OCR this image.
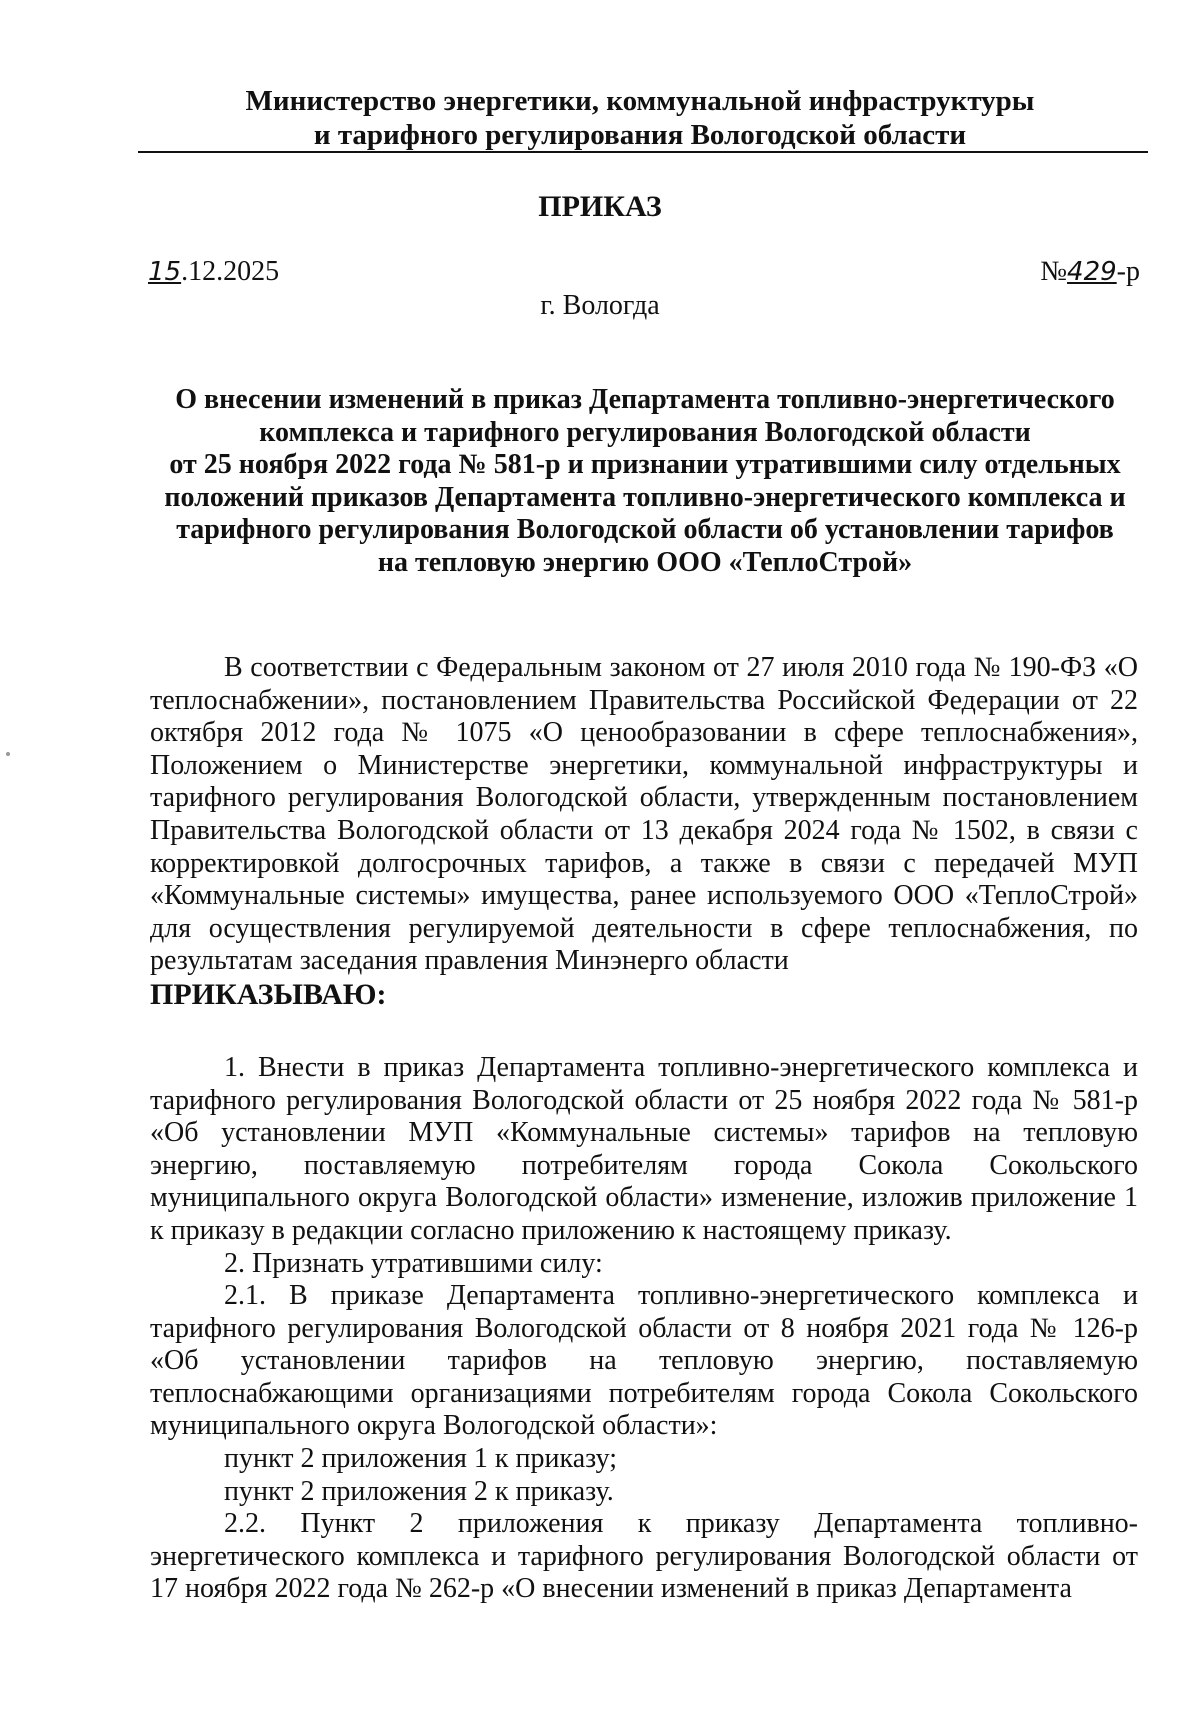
Министерство энергетики, коммунальной инфраструктуры
и тарифного регулирования Вологодской области
ПРИКАЗ
15.12.2025	№429-р
г. Вологда
О внесении изменений в приказ Департамента топливно-энергетического
комплекса и тарифного регулирования Вологодской области
от 25 ноября 2022 года № 581-р и признании утратившими силу отдельных
положений приказов Департамента топливно-энергетического комплекса и
тарифного регулирования Вологодской области об установлении тарифов
на тепловую энергию ООО «ТеплоСтрой»

В соответствии с Федеральным законом от 27 июля 2010 года № 190-ФЗ «О теплоснабжении», постановлением Правительства Российской Федерации от 22 октября 2012 года № 1075 «О ценообразовании в сфере теплоснабжения», Положением о Министерстве энергетики, коммунальной инфраструктуры и тарифного регулирования Вологодской области, утвержденным постановлением Правительства Вологодской области от 13 декабря 2024 года № 1502, в связи с корректировкой долгосрочных тарифов, а также в связи с передачей МУП «Коммунальные системы» имущества, ранее используемого ООО «ТеплоСтрой» для осуществления регулируемой деятельности в сфере теплоснабжения, по результатам заседания правления Минэнерго области

ПРИКАЗЫВАЮ:

1. Внести в приказ Департамента топливно-энергетического комплекса и тарифного регулирования Вологодской области от 25 ноября 2022 года № 581-р «Об установлении МУП «Коммунальные системы» тарифов на тепловую энергию, поставляемую потребителям города Сокола Сокольского муниципального округа Вологодской области» изменение, изложив приложение 1 к приказу в редакции согласно приложению к настоящему приказу.

2. Признать утратившими силу:

2.1. В приказе Департамента топливно-энергетического комплекса и тарифного регулирования Вологодской области от 8 ноября 2021 года № 126-р «Об установлении тарифов на тепловую энергию, поставляемую теплоснабжающими организациями потребителям города Сокола Сокольского муниципального округа Вологодской области»:

пункт 2 приложения 1 к приказу;

пункт 2 приложения 2 к приказу.

2.2. Пункт 2 приложения к приказу Департамента топливно-энергетического комплекса и тарифного регулирования Вологодской области от 17 ноября 2022 года № 262-р «О внесении изменений в приказ Департамента
